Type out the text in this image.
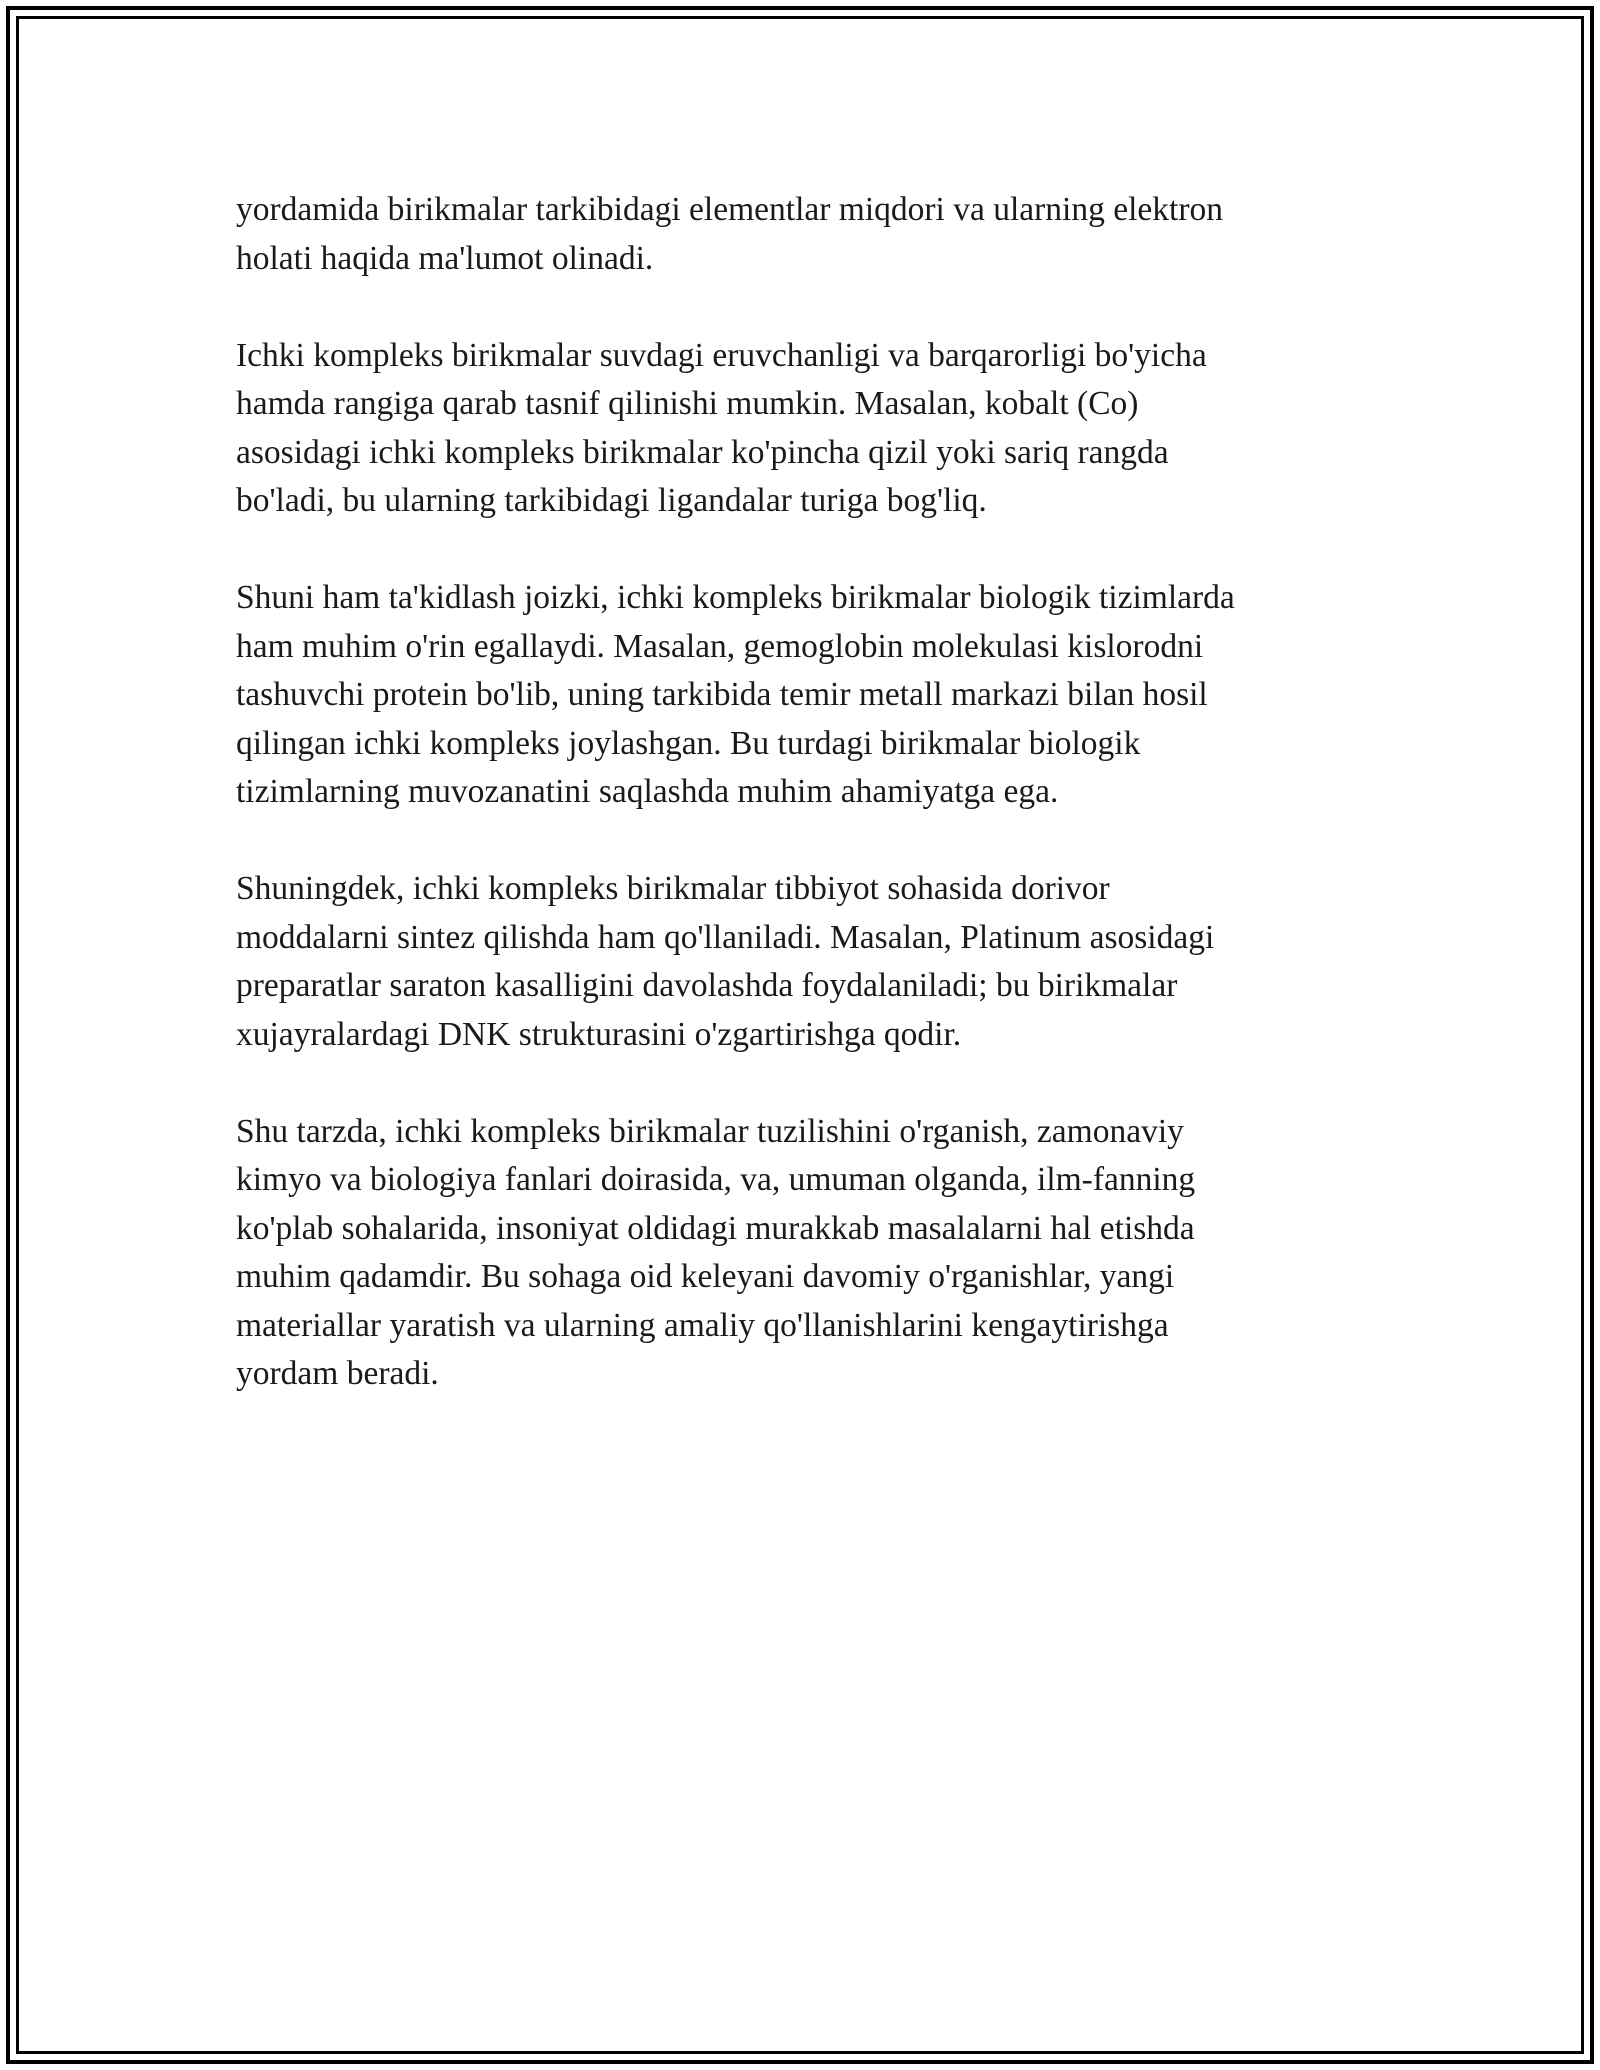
yordamida birikmalar tarkibidagi elementlar miqdori va ularning elektron
holati haqida ma'lumot olinadi.

Ichki kompleks birikmalar suvdagi eruvchanligi va barqarorligi bo'yicha
hamda rangiga qarab tasnif qilinishi mumkin. Masalan, kobalt (Co)
asosidagi ichki kompleks birikmalar ko'pincha qizil yoki sariq rangda
bo'ladi, bu ularning tarkibidagi ligandalar turiga bog'liq.

Shuni ham ta'kidlash joizki, ichki kompleks birikmalar biologik tizimlarda
ham muhim o'rin egallaydi. Masalan, gemoglobin molekulasi kislorodni
tashuvchi protein bo'lib, uning tarkibida temir metall markazi bilan hosil
qilingan ichki kompleks joylashgan. Bu turdagi birikmalar biologik
tizimlarning muvozanatini saqlashda muhim ahamiyatga ega.

Shuningdek, ichki kompleks birikmalar tibbiyot sohasida dorivor
moddalarni sintez qilishda ham qo'llaniladi. Masalan, Platinum asosidagi
preparatlar saraton kasalligini davolashda foydalaniladi; bu birikmalar
xujayralardagi DNK strukturasini o'zgartirishga qodir.

Shu tarzda, ichki kompleks birikmalar tuzilishini o'rganish, zamonaviy
kimyo va biologiya fanlari doirasida, va, umuman olganda, ilm-fanning
ko'plab sohalarida, insoniyat oldidagi murakkab masalalarni hal etishda
muhim qadamdir. Bu sohaga oid keleyani davomiy o'rganishlar, yangi
materiallar yaratish va ularning amaliy qo'llanishlarini kengaytirishga
yordam beradi.
